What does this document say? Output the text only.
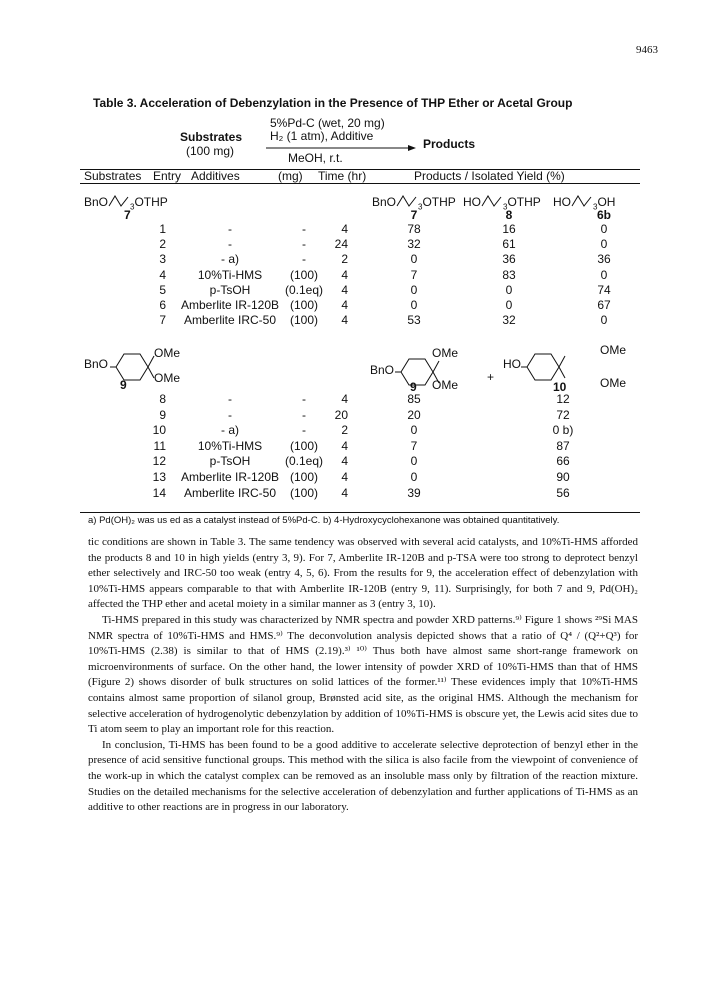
9463
Table 3. Acceleration of Debenzylation in the Presence of THP Ether or Acetal Group
Substrates
(100 mg)
5%Pd-C (wet, 20 mg)
H₂ (1 atm), Additive
MeOH, r.t.
Products
Substrates Entry Additives	(mg) Time (hr)	Products / Isolated Yield (%)
BnO	$_3$OTHP
7
BnO	$_3$OTHP
7
HO	$_3$OTHP
8
HO	$_3$OH
6b
1	-	-	4	78	16	0
2	-	- 24	32	61	0
3	- a)	-	2	0	36	36
4	10%Ti-HMS (100) 4	7	83	0
5	p-TsOH	(0.1eq) 4	0	0	74
6 Amberlite IR-120B (100) 4	0	0	67
7 Amberlite IRC-50 (100) 4	53	32	0
BnO
OMe
OMe
9
BnO
OMe
OMe
9
+
HO
OMe
OMe
10
8	-	-	4	85	12
9	-	- 20	20	72
10	- a)	-	2	0	0 b)
11	10%Ti-HMS (100) 4	7	87
12	p-TsOH	(0.1eq) 4	0	66
13 Amberlite IR-120B (100) 4	0	90
14 Amberlite IRC-50 (100) 4	39	56
a) Pd(OH)₂ was us ed as a catalyst instead of 5%Pd-C. b) 4-Hydroxycyclohexanone was obtained quantitatively.

tic conditions are shown in Table 3. The same tendency was observed with several acid catalysts, and 10%Ti-HMS afforded the products 8 and 10 in high yields (entry 3, 9). For 7, Amberlite IR-120B and p-TSA were too strong to deprotect benzyl ether selectively and IRC-50 too weak (entry 4, 5, 6). From the results for 9, the acceleration effect of debenzylation with 10%Ti-HMS appears comparable to that with Amberlite IR-120B (entry 9, 11). Surprisingly, for both 7 and 9, Pd(OH)₂ affected the THP ether and acetal moiety in a similar manner as 3 (entry 3, 10).

Ti-HMS prepared in this study was characterized by NMR spectra and powder XRD patterns.⁹⁾ Figure 1 shows ²⁹Si MAS NMR spectra of 10%Ti-HMS and HMS.⁹⁾ The deconvolution analysis depicted shows that a ratio of Q⁴ / (Q²+Q³) for 10%Ti-HMS (2.38) is similar to that of HMS (2.19).³⁾ ¹⁰⁾ Thus both have almost same short-range framework on microenvironments of surface. On the other hand, the lower intensity of powder XRD of 10%Ti-HMS than that of HMS (Figure 2) shows disorder of bulk structures on solid lattices of the former.¹¹⁾ These evidences imply that 10%Ti-HMS contains almost same proportion of silanol group, Brønsted acid site, as the original HMS. Although the mechanism for selective acceleration of hydrogenolytic debenzylation by addition of 10%Ti-HMS is obscure yet, the Lewis acid sites due to Ti atom seem to play an important role for this reaction.

In conclusion, Ti-HMS has been found to be a good additive to accelerate selective deprotection of benzyl ether in the presence of acid sensitive functional groups. This method with the silica is also facile from the viewpoint of convenience of the work-up in which the catalyst complex can be removed as an insoluble mass only by filtration of the reaction mixture. Studies on the detailed mechanisms for the selective acceleration of debenzylation and further applications of Ti-HMS as an additive to other reactions are in progress in our laboratory.
